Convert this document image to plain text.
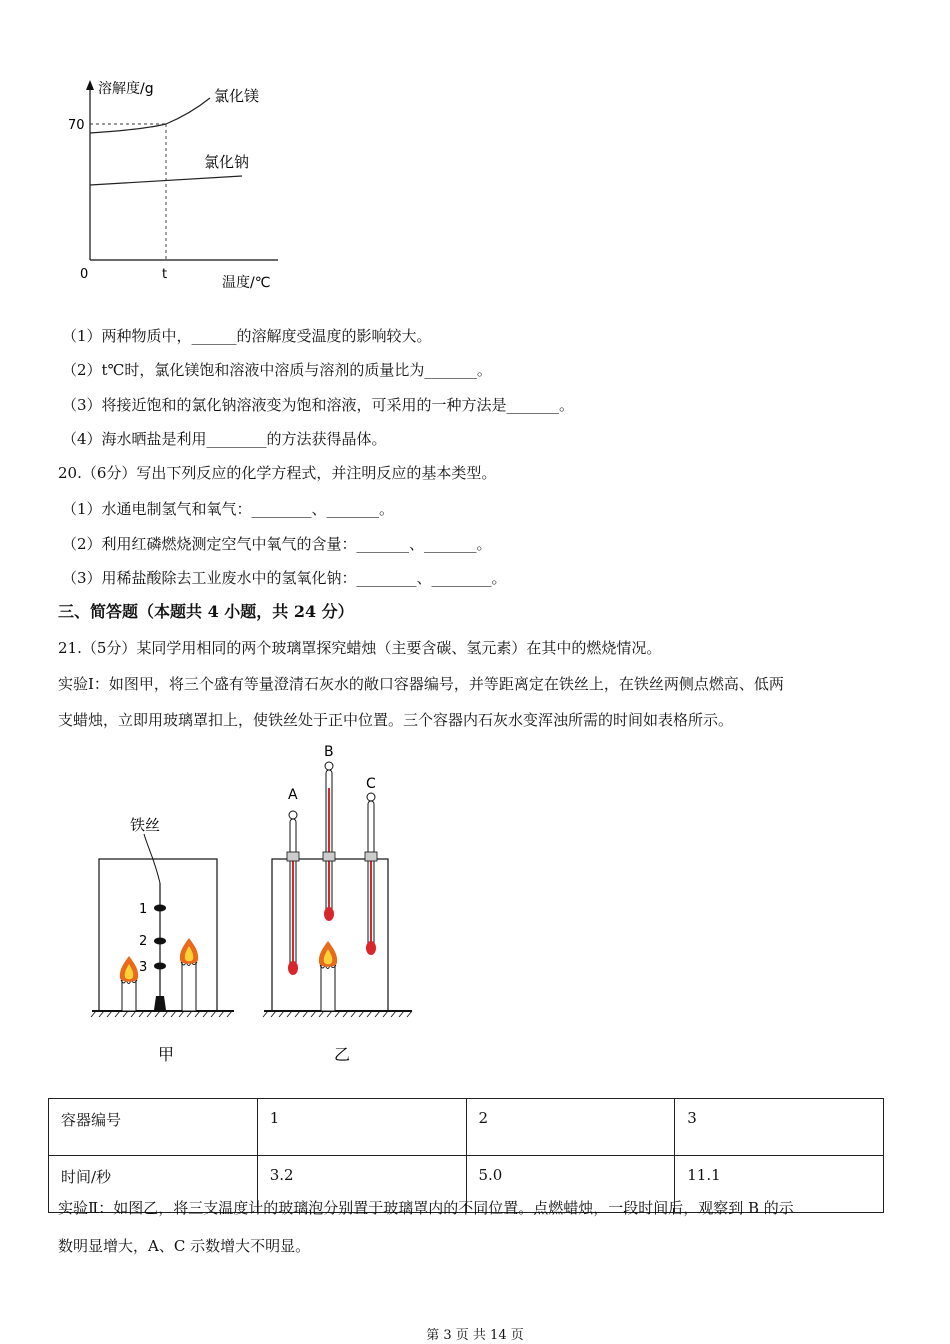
溶解度/g
70
0	t
温度/℃
氯化镁
氯化钠
（1）两种物质中，______的溶解度受温度的影响较大。
（2）t℃时，氯化镁饱和溶液中溶质与溶剂的质量比为_______。
（3）将接近饱和的氯化钠溶液变为饱和溶液，可采用的一种方法是_______。
（4）海水晒盐是利用________的方法获得晶体。
20.（6分）写出下列反应的化学方程式，并注明反应的基本类型。
（1）水通电制氢气和氧气：________、_______。
（2）利用红磷燃烧测定空气中氧气的含量：_______、_______。
（3）用稀盐酸除去工业废水中的氢氧化钠：________、________。
三、简答题（本题共 4 小题，共 24 分）
21.（5分）某同学用相同的两个玻璃罩探究蜡烛（主要含碳、氢元素）在其中的燃烧情况。
实验Ⅰ：如图甲，将三个盛有等量澄清石灰水的敞口容器编号，并等距离定在铁丝上，在铁丝两侧点燃高、低两
支蜡烛，立即用玻璃罩扣上，使铁丝处于正中位置。三个容器内石灰水变浑浊所需的时间如表格所示。
铁丝
1
2
3
甲
A
B
C
乙
容器编号	1	2	3
时间/秒	3.2	5.0	11.1
实验Ⅱ：如图乙，将三支温度计的玻璃泡分别置于玻璃罩内的不同位置。点燃蜡烛，一段时间后，观察到 B 的示
数明显增大，A、C 示数增大不明显。
第 3 页 共 14 页
